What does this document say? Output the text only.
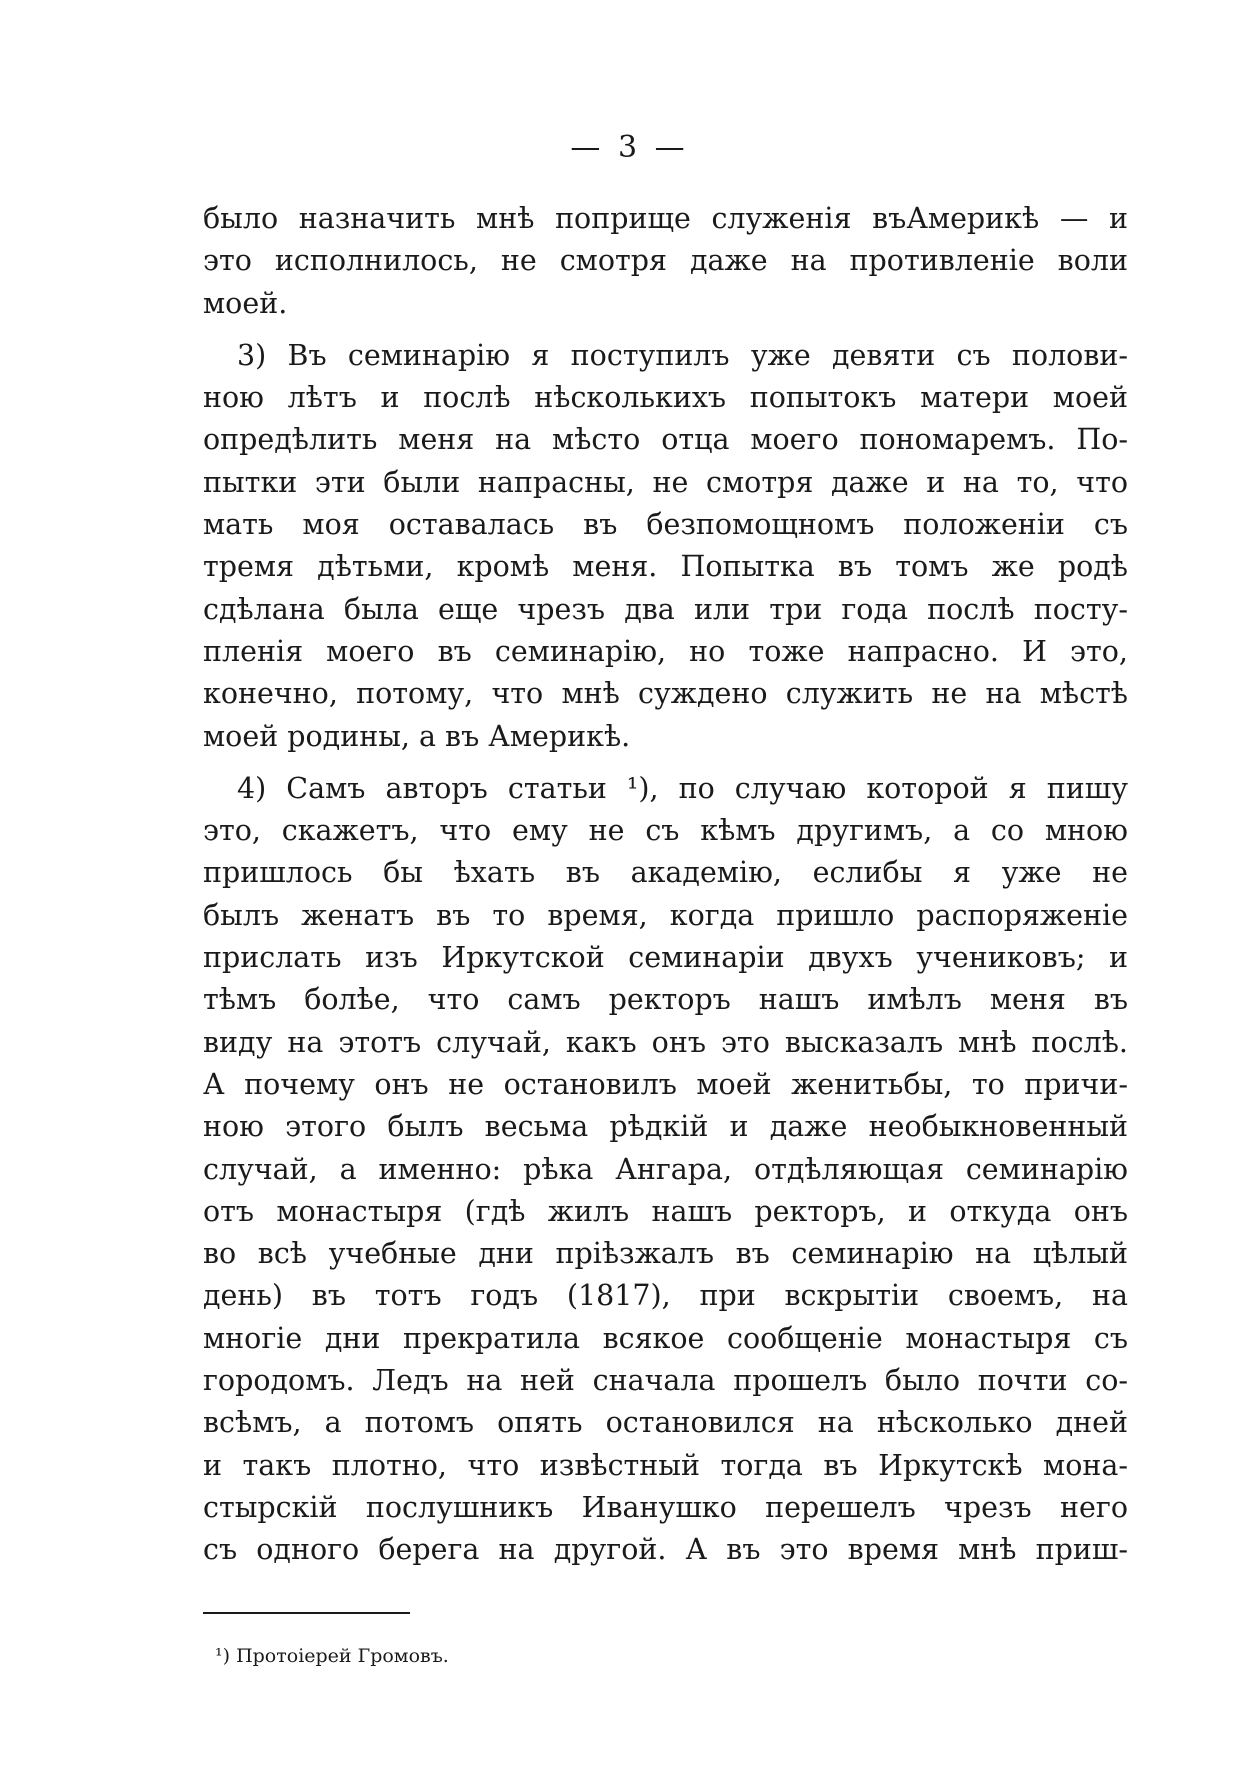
— 3 —
было назначить мнѣ поприще служенія въАмерикѣ — и
это исполнилось, не смотря даже на противленіе воли
моей.
3) Въ семинарію я поступилъ уже девяти съ полови-
ною лѣтъ и послѣ нѣсколькихъ попытокъ матери моей
опредѣлить меня на мѣсто отца моего пономаремъ. По-
пытки эти были напрасны, не смотря даже и на то, что
мать моя оставалась въ безпомощномъ положеніи съ
тремя дѣтьми, кромѣ меня. Попытка въ томъ же родѣ
сдѣлана была еще чрезъ два или три года послѣ посту-
пленія моего въ семинарію, но тоже напрасно. И это,
конечно, потому, что мнѣ суждено служить не на мѣстѣ
моей родины, а въ Америкѣ.
4) Самъ авторъ статьи ¹), по случаю которой я пишу
это, скажетъ, что ему не съ кѣмъ другимъ, а со мною
пришлось бы ѣхать въ академію, еслибы я уже не
былъ женатъ въ то время, когда пришло распоряженіе
прислать изъ Иркутской семинаріи двухъ учениковъ; и
тѣмъ болѣе, что самъ ректоръ нашъ имѣлъ меня въ
виду на этотъ случай, какъ онъ это высказалъ мнѣ послѣ.
А почему онъ не остановилъ моей женитьбы, то причи-
ною этого былъ весьма рѣдкій и даже необыкновенный
случай, а именно: рѣка Ангара, отдѣляющая семинарію
отъ монастыря (гдѣ жилъ нашъ ректоръ, и откуда онъ
во всѣ учебные дни пріѣзжалъ въ семинарію на цѣлый
день) въ тотъ годъ (1817), при вскрытіи своемъ, на
многіе дни прекратила всякое сообщеніе монастыря съ
городомъ. Ледъ на ней сначала прошелъ было почти со-
всѣмъ, а потомъ опять остановился на нѣсколько дней
и такъ плотно, что извѣстный тогда въ Иркутскѣ мона-
стырскій послушникъ Иванушко перешелъ чрезъ него
съ одного берега на другой. А въ это время мнѣ приш-
¹) Протоіерей Громовъ.
